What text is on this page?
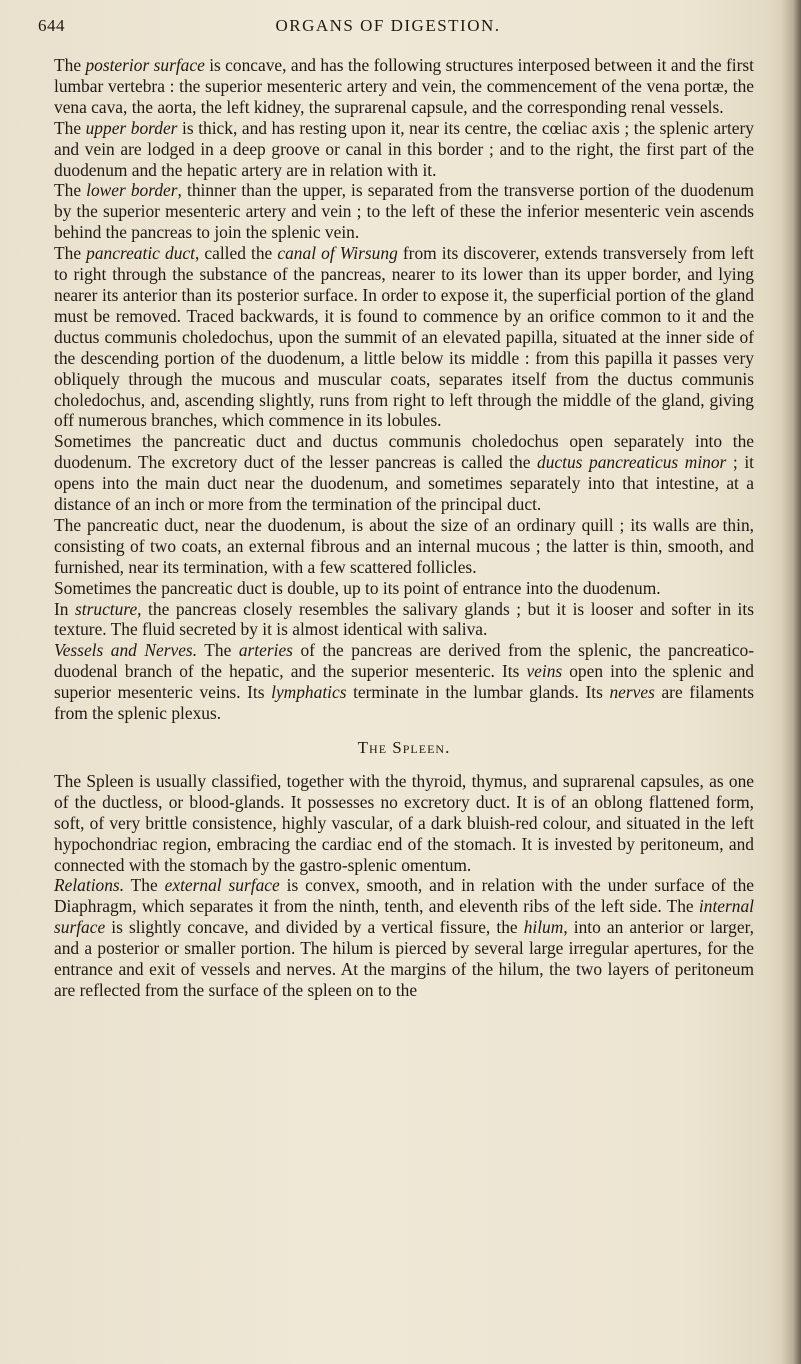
644	ORGANS OF DIGESTION.

The posterior surface is concave, and has the following structures interposed between it and the first lumbar vertebra : the superior mesenteric artery and vein, the commencement of the vena portæ, the vena cava, the aorta, the left kidney, the suprarenal capsule, and the corresponding renal vessels.

The upper border is thick, and has resting upon it, near its centre, the cœliac axis ; the splenic artery and vein are lodged in a deep groove or canal in this border ; and to the right, the first part of the duodenum and the hepatic artery are in relation with it.

The lower border, thinner than the upper, is separated from the transverse portion of the duodenum by the superior mesenteric artery and vein ; to the left of these the inferior mesenteric vein ascends behind the pancreas to join the splenic vein.

The pancreatic duct, called the canal of Wirsung from its discoverer, extends transversely from left to right through the substance of the pancreas, nearer to its lower than its upper border, and lying nearer its anterior than its posterior surface. In order to expose it, the superficial portion of the gland must be removed. Traced backwards, it is found to commence by an orifice common to it and the ductus communis choledochus, upon the summit of an elevated papilla, situated at the inner side of the descending portion of the duodenum, a little below its middle : from this papilla it passes very obliquely through the mucous and muscular coats, separates itself from the ductus communis choledochus, and, ascending slightly, runs from right to left through the middle of the gland, giving off numerous branches, which commence in its lobules.

Sometimes the pancreatic duct and ductus communis choledochus open separately into the duodenum. The excretory duct of the lesser pancreas is called the ductus pancreaticus minor ; it opens into the main duct near the duodenum, and sometimes separately into that intestine, at a distance of an inch or more from the termination of the principal duct.

The pancreatic duct, near the duodenum, is about the size of an ordinary quill ; its walls are thin, consisting of two coats, an external fibrous and an internal mucous ; the latter is thin, smooth, and furnished, near its termination, with a few scattered follicles.

Sometimes the pancreatic duct is double, up to its point of entrance into the duodenum.

In structure, the pancreas closely resembles the salivary glands ; but it is looser and softer in its texture. The fluid secreted by it is almost identical with saliva.

Vessels and Nerves. The arteries of the pancreas are derived from the splenic, the pancreatico-duodenal branch of the hepatic, and the superior mesenteric. Its veins open into the splenic and superior mesenteric veins. Its lymphatics terminate in the lumbar glands. Its nerves are filaments from the splenic plexus.

The Spleen.

The Spleen is usually classified, together with the thyroid, thymus, and suprarenal capsules, as one of the ductless, or blood-glands. It possesses no excretory duct. It is of an oblong flattened form, soft, of very brittle consistence, highly vascular, of a dark bluish-red colour, and situated in the left hypochondriac region, embracing the cardiac end of the stomach. It is invested by peritoneum, and connected with the stomach by the gastro-splenic omentum.

Relations. The external surface is convex, smooth, and in relation with the under surface of the Diaphragm, which separates it from the ninth, tenth, and eleventh ribs of the left side. The internal surface is slightly concave, and divided by a vertical fissure, the hilum, into an anterior or larger, and a posterior or smaller portion. The hilum is pierced by several large irregular apertures, for the entrance and exit of vessels and nerves. At the margins of the hilum, the two layers of peritoneum are reflected from the surface of the spleen on to the
